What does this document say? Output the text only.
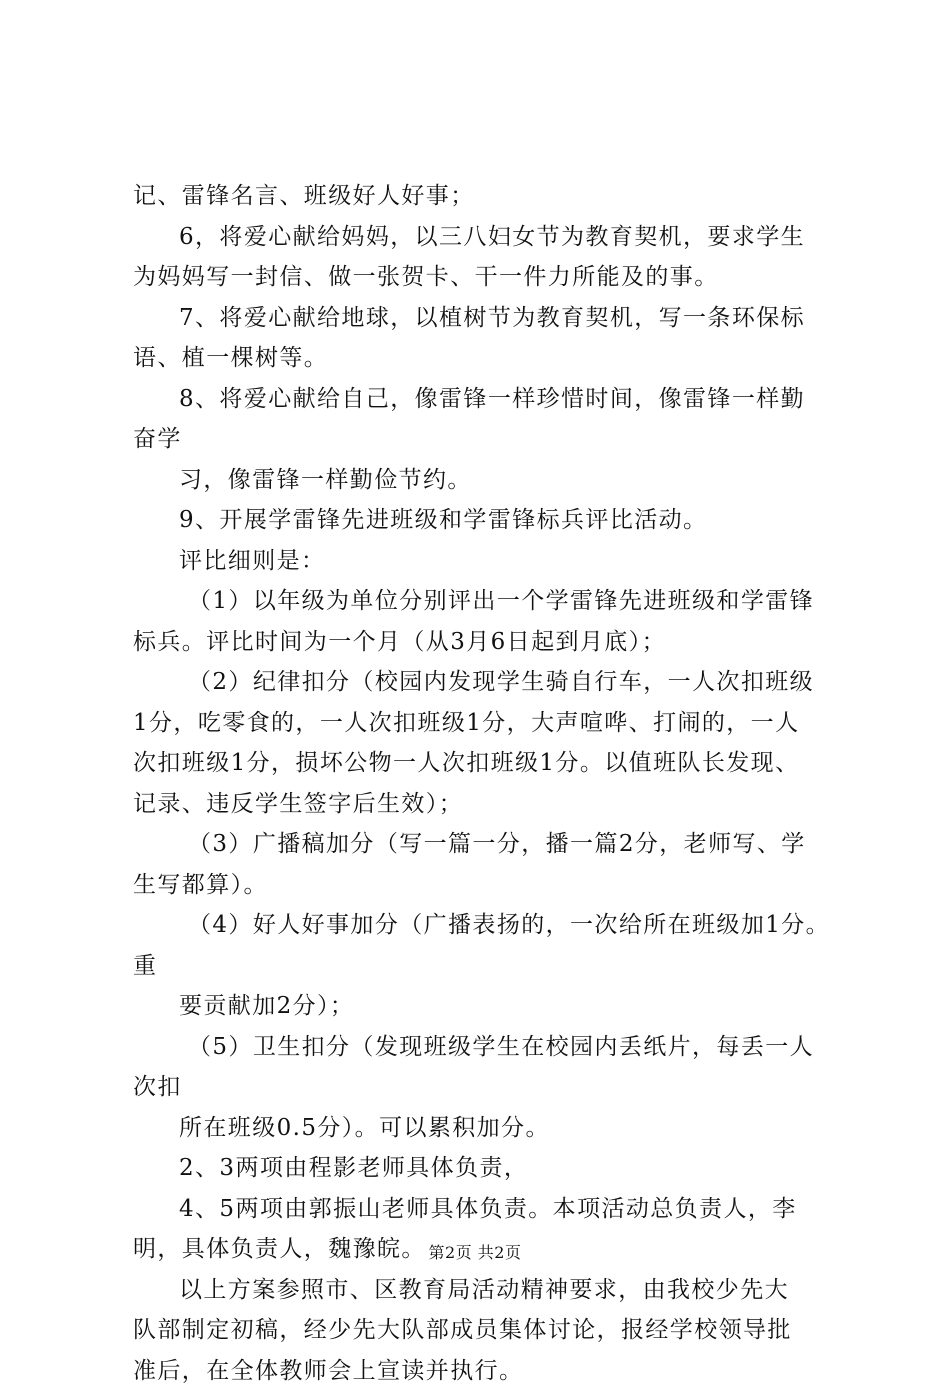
记、雷锋名言、班级好人好事；
6，将爱心献给妈妈，以三八妇女节为教育契机，要求学生
为妈妈写一封信、做一张贺卡、干一件力所能及的事。
7、将爱心献给地球，以植树节为教育契机，写一条环保标
语、植一棵树等。
8、将爱心献给自己，像雷锋一样珍惜时间，像雷锋一样勤
奋学
习，像雷锋一样勤俭节约。
9、开展学雷锋先进班级和学雷锋标兵评比活动。
评比细则是：
（1）以年级为单位分别评出一个学雷锋先进班级和学雷锋
标兵。评比时间为一个月（从3月6日起到月底）；
（2）纪律扣分（校园内发现学生骑自行车，一人次扣班级
1分，吃零食的，一人次扣班级1分，大声喧哗、打闹的，一人
次扣班级1分，损坏公物一人次扣班级1分。以值班队长发现、
记录、违反学生签字后生效）；
（3）广播稿加分（写一篇一分，播一篇2分，老师写、学
生写都算）。
（4）好人好事加分（广播表扬的，一次给所在班级加1分。
重
要贡献加2分）；
（5）卫生扣分（发现班级学生在校园内丢纸片，每丢一人
次扣
所在班级0.5分）。可以累积加分。
2、3两项由程影老师具体负责，
4、5两项由郭振山老师具体负责。本项活动总负责人，李
明，具体负责人，魏豫皖。
以上方案参照市、区教育局活动精神要求，由我校少先大
队部制定初稿，经少先大队部成员集体讨论，报经学校领导批
准后，在全体教师会上宣读并执行。
第2页 共2页
